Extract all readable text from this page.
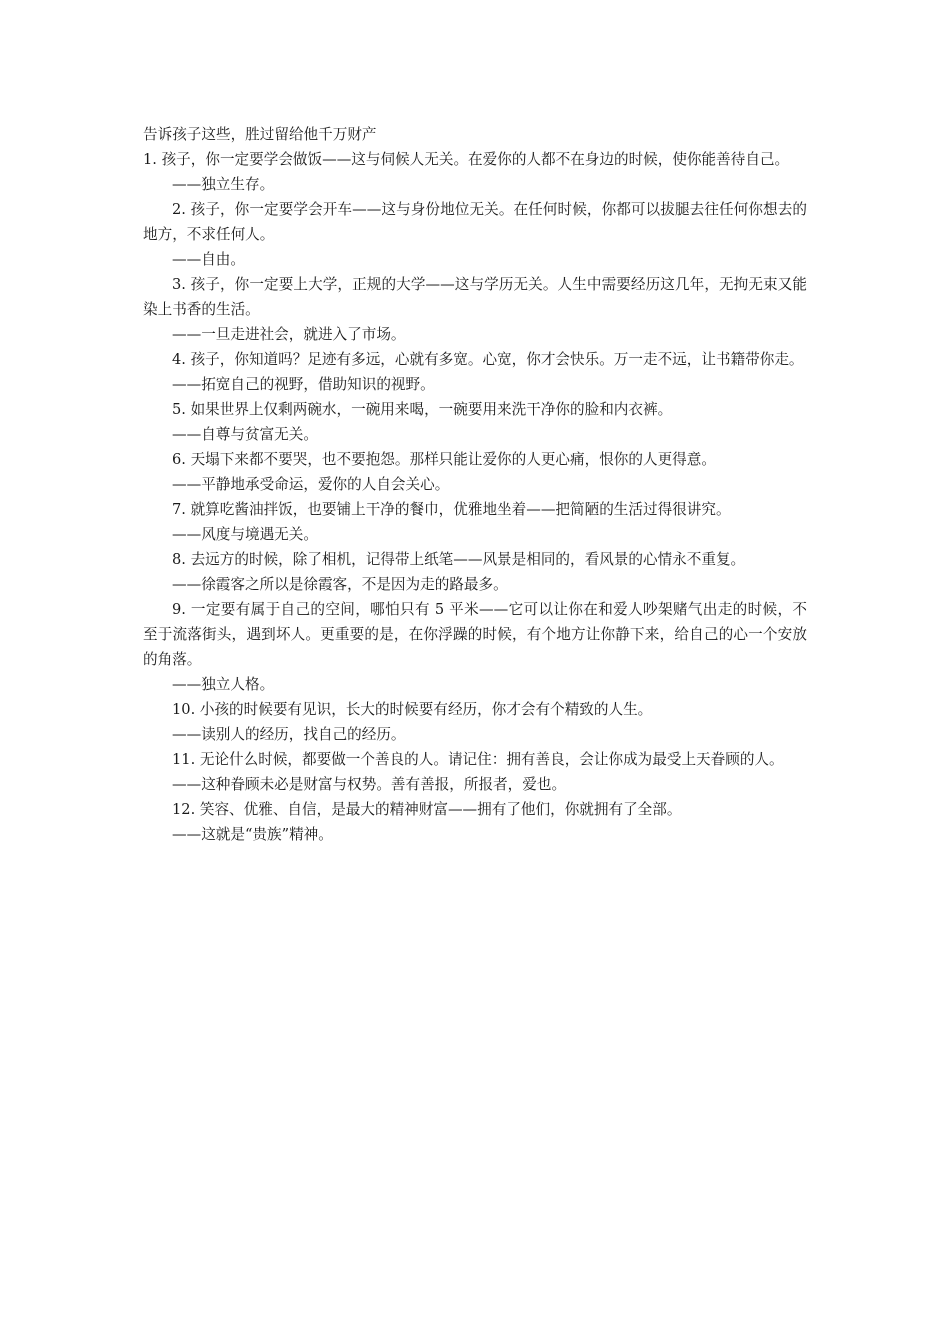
告诉孩子这些，胜过留给他千万财产

1. 孩子，你一定要学会做饭——这与伺候人无关。在爱你的人都不在身边的时候，使你能善待自己。

——独立生存。

2. 孩子，你一定要学会开车——这与身份地位无关。在任何时候，你都可以拔腿去往任何你想去的地方，不求任何人。

——自由。

3. 孩子，你一定要上大学，正规的大学——这与学历无关。人生中需要经历这几年，无拘无束又能染上书香的生活。

——一旦走进社会，就进入了市场。

4. 孩子，你知道吗？足迹有多远，心就有多宽。心宽，你才会快乐。万一走不远，让书籍带你走。

——拓宽自己的视野，借助知识的视野。

5. 如果世界上仅剩两碗水，一碗用来喝，一碗要用来洗干净你的脸和内衣裤。

——自尊与贫富无关。

6. 天塌下来都不要哭，也不要抱怨。那样只能让爱你的人更心痛，恨你的人更得意。

——平静地承受命运，爱你的人自会关心。

7. 就算吃酱油拌饭，也要铺上干净的餐巾，优雅地坐着——把简陋的生活过得很讲究。

——风度与境遇无关。

8. 去远方的时候，除了相机，记得带上纸笔——风景是相同的，看风景的心情永不重复。

——徐霞客之所以是徐霞客，不是因为走的路最多。

9. 一定要有属于自己的空间，哪怕只有 5 平米——它可以让你在和爱人吵架赌气出走的时候，不至于流落街头，遇到坏人。更重要的是，在你浮躁的时候，有个地方让你静下来，给自己的心一个安放的角落。

——独立人格。

10. 小孩的时候要有见识，长大的时候要有经历，你才会有个精致的人生。

——读别人的经历，找自己的经历。

11. 无论什么时候，都要做一个善良的人。请记住：拥有善良，会让你成为最受上天眷顾的人。

——这种眷顾未必是财富与权势。善有善报，所报者，爱也。

12. 笑容、优雅、自信，是最大的精神财富——拥有了他们，你就拥有了全部。

——这就是“贵族”精神。
